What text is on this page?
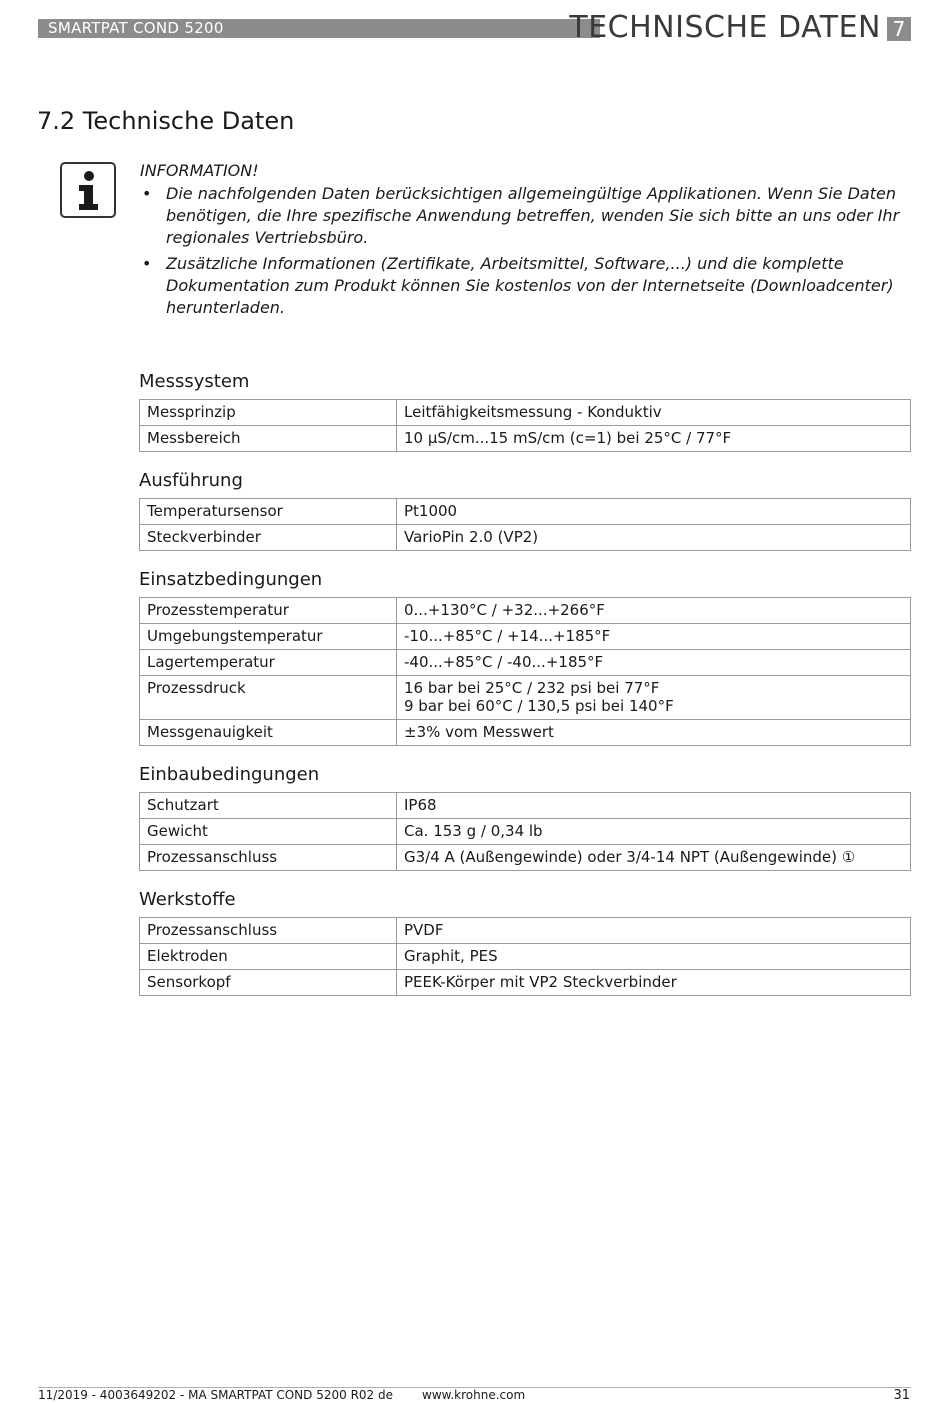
SMARTPAT COND 5200	TECHNISCHE DATEN 7
7.2 Technische Daten
INFORMATION!
• Die nachfolgenden Daten berücksichtigen allgemeingültige Applikationen. Wenn Sie Daten benötigen, die Ihre spezifische Anwendung betreffen, wenden Sie sich bitte an uns oder Ihr regionales Vertriebsbüro.
• Zusätzliche Informationen (Zertifikate, Arbeitsmittel, Software,...) und die komplette Dokumentation zum Produkt können Sie kostenlos von der Internetseite (Downloadcenter) herunterladen.
Messsystem
Messprinzip	Leitfähigkeitsmessung - Konduktiv
Messbereich	10 µS/cm...15 mS/cm (c=1) bei 25°C / 77°F
Ausführung
Temperatursensor	Pt1000
Steckverbinder	VarioPin 2.0 (VP2)
Einsatzbedingungen
Prozesstemperatur	0...+130°C / +32...+266°F
Umgebungstemperatur	-10...+85°C / +14...+185°F
Lagertemperatur	-40...+85°C / -40...+185°F
Prozessdruck	16 bar bei 25°C / 232 psi bei 77°F
9 bar bei 60°C / 130,5 psi bei 140°F
Messgenauigkeit	±3% vom Messwert
Einbaubedingungen
Schutzart	IP68
Gewicht	Ca. 153 g / 0,34 lb
Prozessanschluss	G3/4 A (Außengewinde) oder 3/4-14 NPT (Außengewinde) ①
Werkstoffe
Prozessanschluss	PVDF
Elektroden	Graphit, PES
Sensorkopf	PEEK-Körper mit VP2 Steckverbinder
11/2019 - 4003649202 - MA SMARTPAT COND 5200 R02 de www.krohne.com	31
